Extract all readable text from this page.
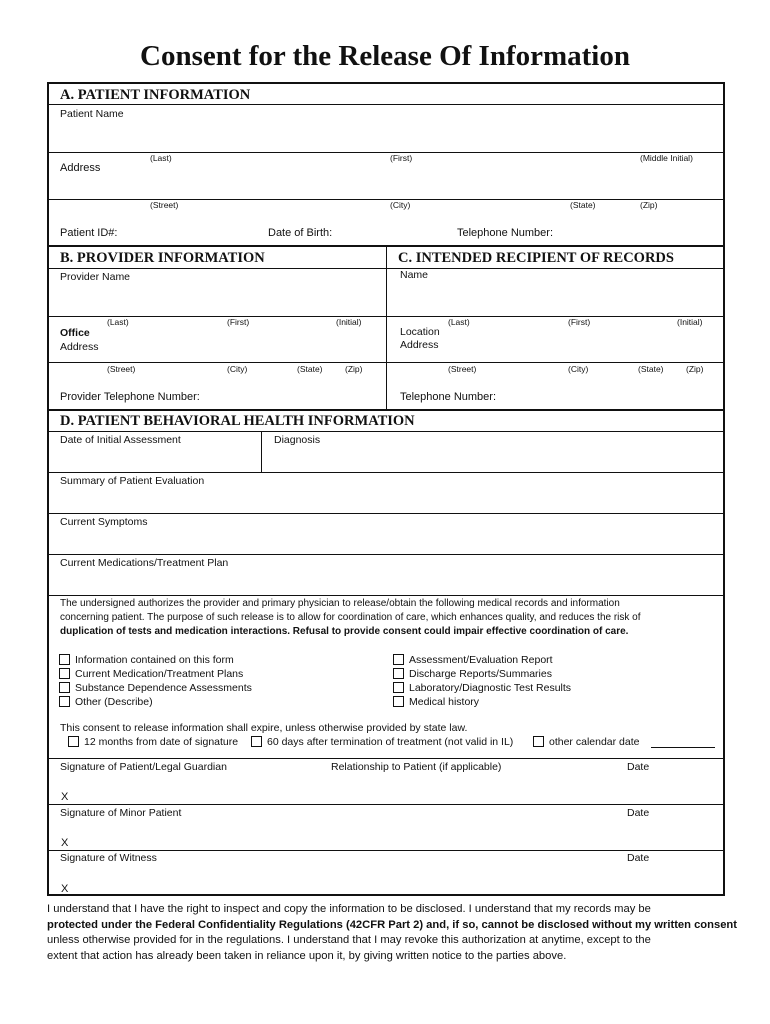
Consent for the Release Of Information
A. PATIENT INFORMATION
Patient Name
(Last)	(First)	(Middle Initial)
Address
(Street)	(City)	(State)	(Zip)
Patient ID#:	Date of Birth:	Telephone Number:
B. PROVIDER INFORMATION
Provider Name
(Last)	(First)	(Initial)
Office
Address
(Street)	(City)	(State)	(Zip)
Provider Telephone Number:
C. INTENDED RECIPIENT OF RECORDS
Name
(Last)	(First)	(Initial)
Location
Address
(Street)	(City)	(State)	(Zip)
Telephone Number:
D. PATIENT BEHAVIORAL HEALTH INFORMATION
Date of Initial Assessment	Diagnosis
Summary of Patient Evaluation
Current Symptoms
Current Medications/Treatment Plan
The undersigned authorizes the provider and primary physician to release/obtain the following medical records and information
concerning patient. The purpose of such release is to allow for coordination of care, which enhances quality, and reduces the risk of
duplication of tests and medication interactions. Refusal to provide consent could impair effective coordination of care.
Information contained on this form
Current Medication/Treatment Plans
Substance Dependence Assessments
Other (Describe)
Assessment/Evaluation Report
Discharge Reports/Summaries
Laboratory/Diagnostic Test Results
Medical history
This consent to release information shall expire, unless otherwise provided by state law.
12 months from date of signature	60 days after termination of treatment (not valid in IL)	other calendar date
Signature of Patient/Legal Guardian	Relationship to Patient (if applicable)	Date
X
Signature of Minor Patient	Date
X
Signature of Witness	Date
X
I understand that I have the right to inspect and copy the information to be disclosed. I understand that my records may be
protected under the Federal Confidentiality Regulations (42CFR Part 2) and, if so, cannot be disclosed without my written consent
unless otherwise provided for in the regulations. I understand that I may revoke this authorization at anytime, except to the
extent that action has already been taken in reliance upon it, by giving written notice to the parties above.
